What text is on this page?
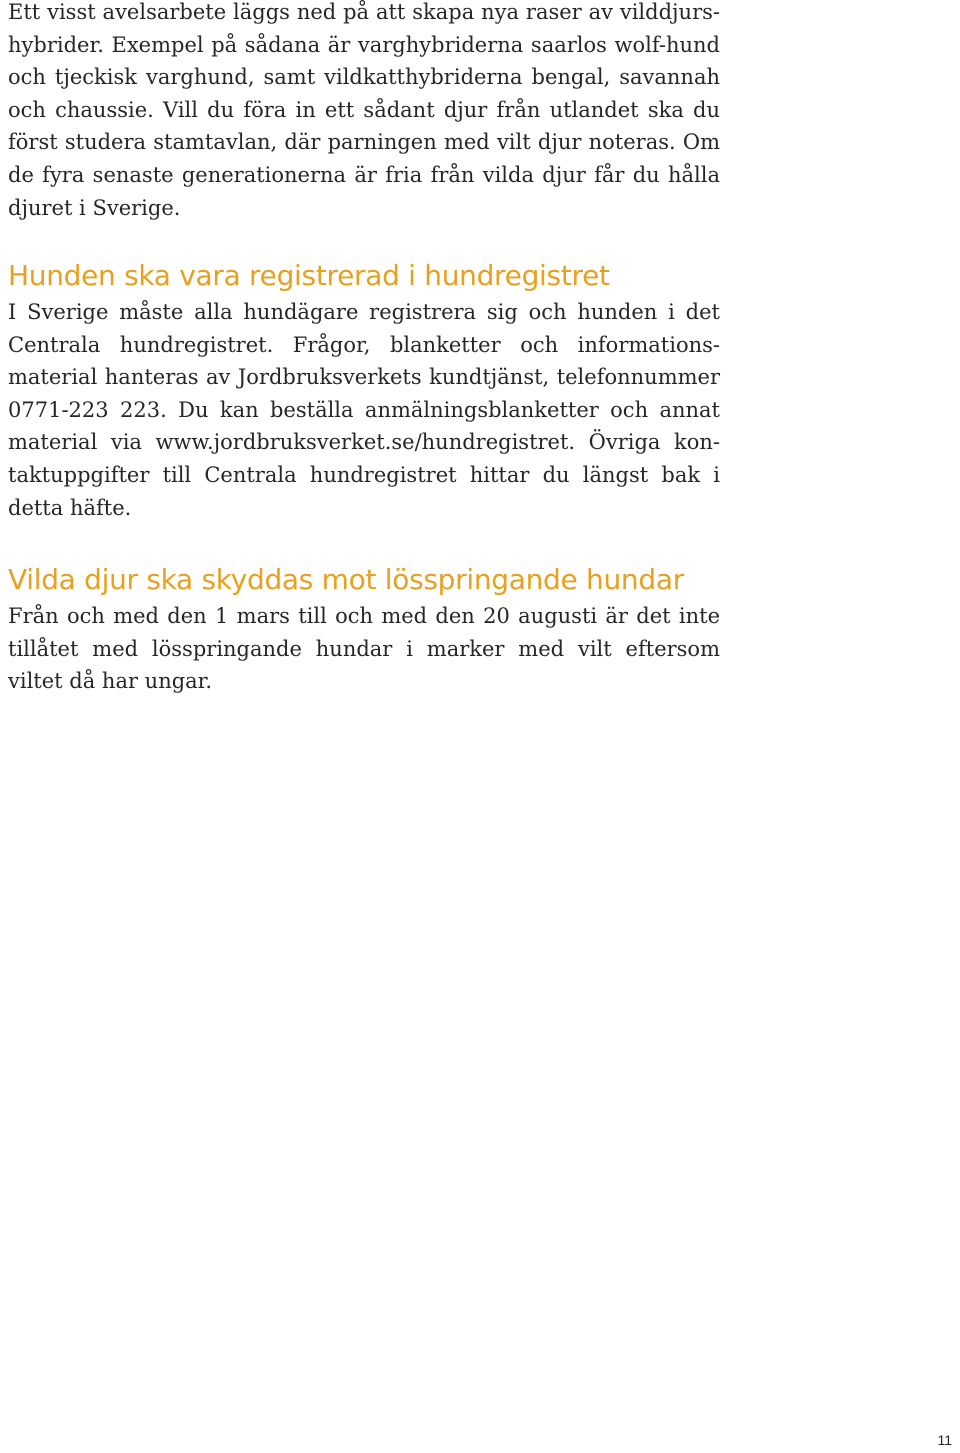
Ett visst avelsarbete läggs ned på att skapa nya raser av vilddjurs-hybrider. Exempel på sådana är varghybriderna saarlos wolf-hund och tjeckisk varghund, samt vildkatthybriderna bengal, savannah och chaussie. Vill du föra in ett sådant djur från utlandet ska du först studera stamtavlan, där parningen med vilt djur noteras. Om de fyra senaste generationerna är fria från vilda djur får du hålla djuret i Sverige.

Hunden ska vara registrerad i hundregistret

I Sverige måste alla hundägare registrera sig och hunden i det Centrala hundregistret. Frågor, blanketter och informations-material hanteras av Jordbruksverkets kundtjänst, telefonnummer 0771-223 223. Du kan beställa anmälningsblanketter och annat material via www.jordbruksverket.se/hundregistret. Övriga kon-taktuppgifter till Centrala hundregistret hittar du längst bak i detta häfte.

Vilda djur ska skyddas mot lösspringande hundar

Från och med den 1 mars till och med den 20 augusti är det inte tillåtet med lösspringande hundar i marker med vilt eftersom viltet då har ungar.

11
